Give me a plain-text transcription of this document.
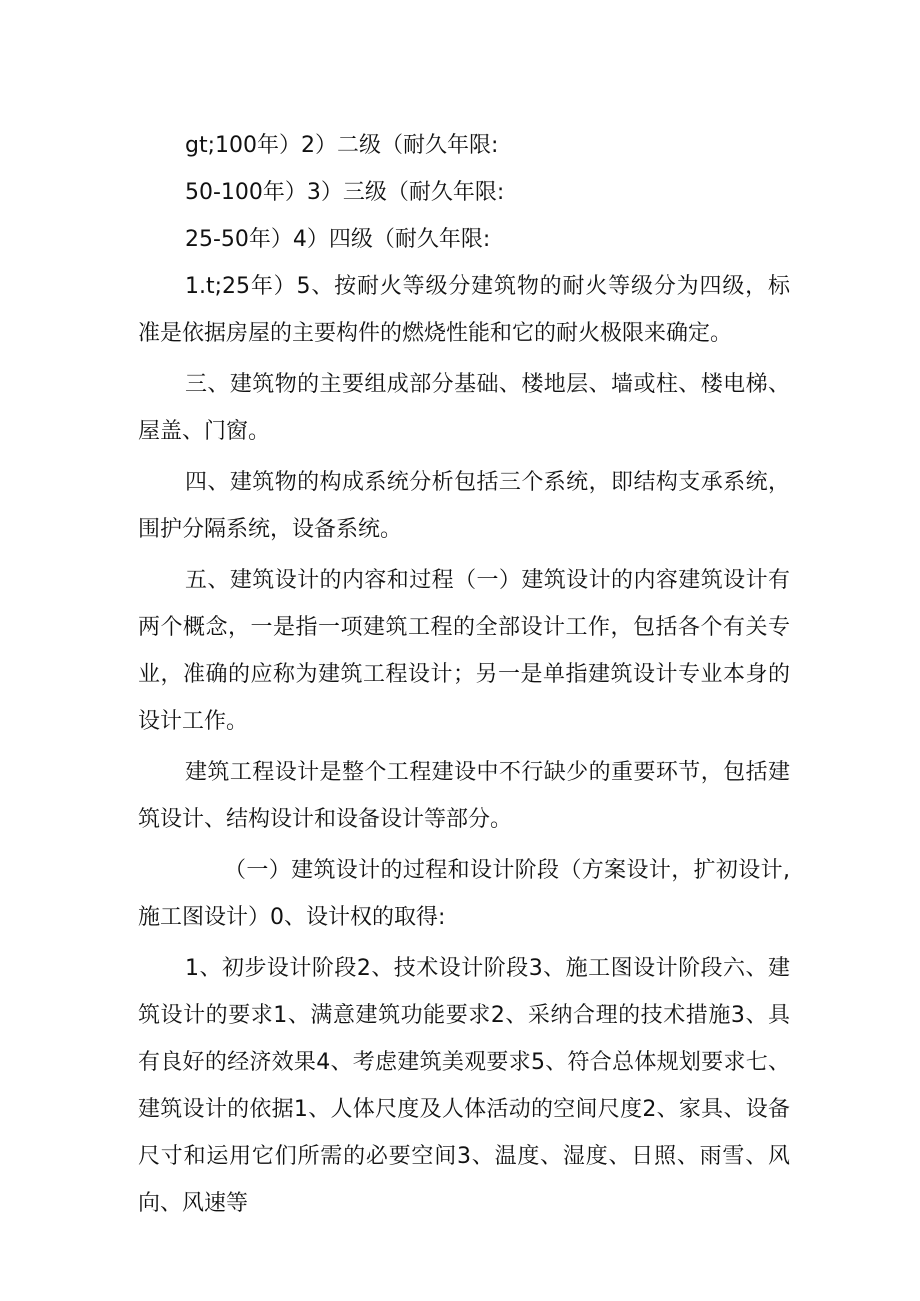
gt;100年）2）二级（耐久年限:

50-100年）3）三级（耐久年限:

25-50年）4）四级（耐久年限:

1.t;25年）5、按耐火等级分建筑物的耐火等级分为四级，标准是依据房屋的主要构件的燃烧性能和它的耐火极限来确定。

三、建筑物的主要组成部分基础、楼地层、墙或柱、楼电梯、屋盖、门窗。

四、建筑物的构成系统分析包括三个系统，即结构支承系统，围护分隔系统，设备系统。

五、建筑设计的内容和过程（一）建筑设计的内容建筑设计有两个概念，一是指一项建筑工程的全部设计工作，包括各个有关专业，准确的应称为建筑工程设计；另一是单指建筑设计专业本身的设计工作。

建筑工程设计是整个工程建设中不行缺少的重要环节，包括建筑设计、结构设计和设备设计等部分。

（一）建筑设计的过程和设计阶段（方案设计，扩初设计,施工图设计）0、设计权的取得:

1、初步设计阶段2、技术设计阶段3、施工图设计阶段六、建筑设计的要求1、满意建筑功能要求2、采纳合理的技术措施3、具有良好的经济效果4、考虑建筑美观要求5、符合总体规划要求七、建筑设计的依据1、人体尺度及人体活动的空间尺度2、家具、设备尺寸和运用它们所需的必要空间3、温度、湿度、日照、雨雪、风向、风速等
